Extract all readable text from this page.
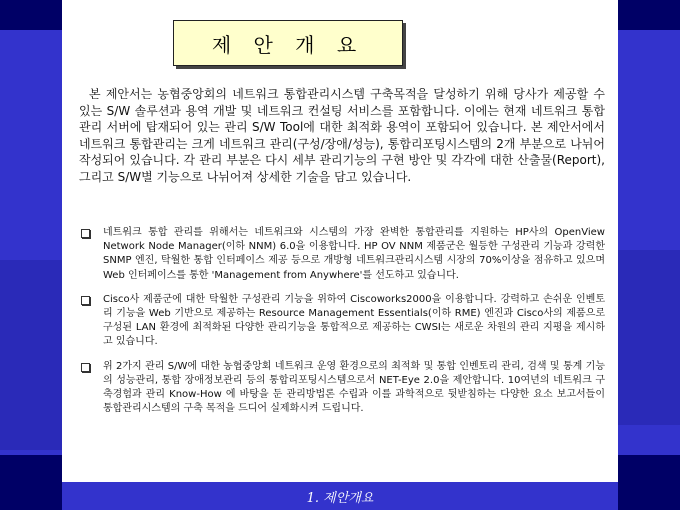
제 안 개 요
본 제안서는 농협중앙회의 네트워크 통합관리시스템 구축목적을 달성하기 위해 당사가 제공할 수 있는 S/W 솔루션과 용역 개발 및 네트워크 컨설팅 서비스를 포함합니다. 이에는 현재 네트워크 통합관리 서버에 탑재되어 있는 관리 S/W Tool에 대한 최적화 용역이 포함되어 있습니다. 본 제안서에서 네트워크 통합관리는 크게 네트워크 관리(구성/장애/성능), 통합리포팅시스템의 2개 부분으로 나뉘어 작성되어 있습니다. 각 관리 부분은 다시 세부 관리기능의 구현 방안 및 각각에 대한 산출물(Report), 그리고 S/W별 기능으로 나뉘어져 상세한 기술을 담고 있습니다.
네트워크 통합 관리를 위해서는 네트워크와 시스템의 가장 완벽한 통합관리를 지원하는 HP사의 OpenView Network Node Manager(이하 NNM) 6.0을 이용합니다. HP OV NNM 제품군은 월등한 구성관리 기능과 강력한 SNMP 엔진, 탁월한 통합 인터페이스 제공 등으로 개방형 네트워크관리시스템 시장의 70%이상을 점유하고 있으며 Web 인터페이스를 통한 'Management from Anywhere'를 선도하고 있습니다.
Cisco사 제품군에 대한 탁월한 구성관리 기능을 위하여 Ciscoworks2000을 이용합니다. 강력하고 손쉬운 인벤토리 기능을 Web 기반으로 제공하는 Resource Management Essentials(이하 RME) 엔진과 Cisco사의 제품으로 구성된 LAN 환경에 최적화된 다양한 관리기능을 통합적으로 제공하는 CWSI는 새로운 차원의 관리 지평을 제시하고 있습니다.
위 2가지 관리 S/W에 대한 농협중앙회 네트워크 운영 환경으로의 최적화 및 통합 인벤토리 관리, 검색 및 통계 기능의 성능관리, 통합 장애정보관리 등의 통합리포팅시스템으로서 NET-Eye 2.0을 제안합니다. 10여년의 네트워크 구축경험과 관리 Know-How 에 바탕을 둔 관리방법론 수립과 이를 과학적으로 뒷받침하는 다양한 요소 보고서들이 통합관리시스템의 구축 목적을 드디어 실제화시켜 드립니다.
1. 제안개요
